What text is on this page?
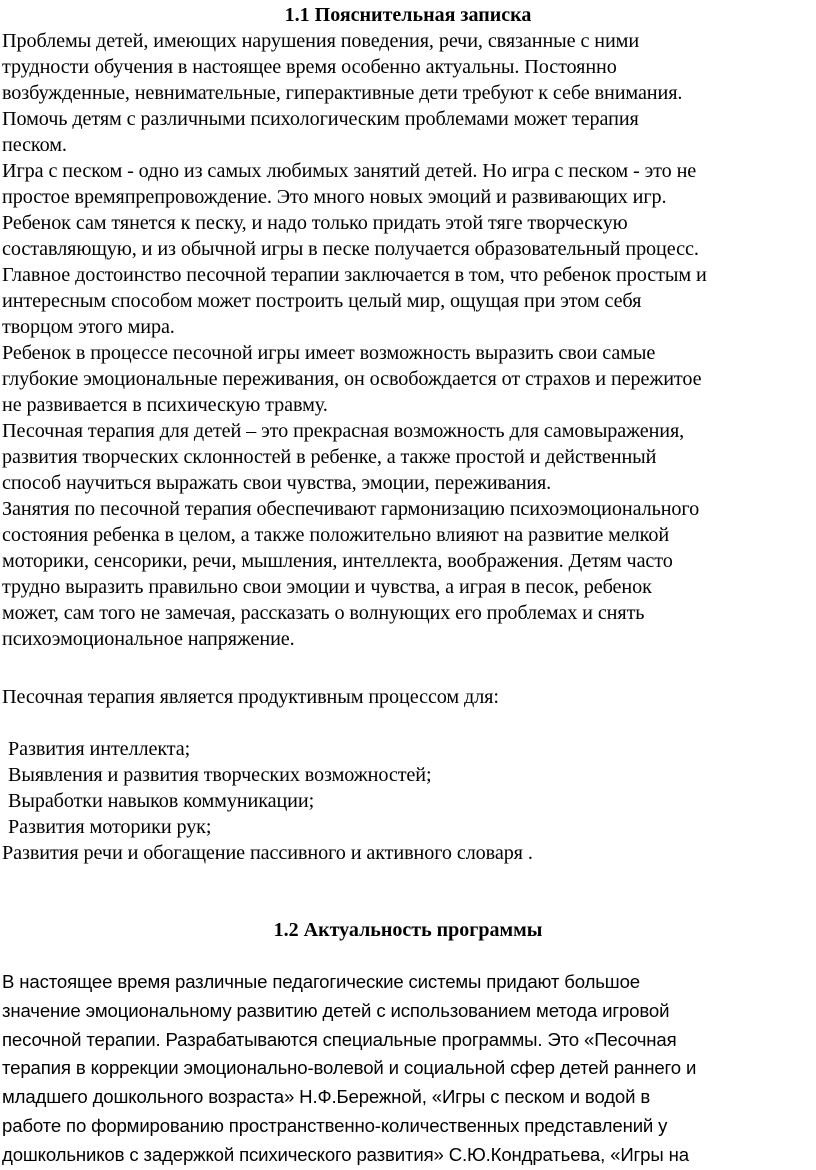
1.1 Пояснительная записка

Проблемы детей, имеющих нарушения поведения, речи, связанные с ними

трудности обучения в настоящее время особенно актуальны. Постоянно

возбужденные, невнимательные, гиперактивные дети требуют к себе внимания.

Помочь детям с различными психологическим проблемами может терапия

песком.

Игра с песком - одно из самых любимых занятий детей. Но игра с песком - это не

простое времяпрепровождение. Это много новых эмоций и развивающих игр.

Ребенок сам тянется к песку, и надо только придать этой тяге творческую

составляющую, и из обычной игры в песке получается образовательный процесс.

Главное достоинство песочной терапии заключается в том, что ребенок простым и

интересным способом может построить целый мир, ощущая при этом себя

творцом этого мира.

Ребенок в процессе песочной игры имеет возможность выразить свои самые

глубокие эмоциональные переживания, он освобождается от страхов и пережитое

не развивается в психическую травму.

Песочная терапия для детей – это прекрасная возможность для самовыражения,

развития творческих склонностей в ребенке, а также простой и действенный

способ научиться выражать свои чувства, эмоции, переживания.

Занятия по песочной терапия обеспечивают гармонизацию психоэмоционального

состояния ребенка в целом, а также положительно влияют на развитие мелкой

моторики, сенсорики, речи, мышления, интеллекта, воображения. Детям часто

трудно выразить правильно свои эмоции и чувства, а играя в песок, ребенок

может, сам того не замечая, рассказать о волнующих его проблемах и снять

психоэмоциональное напряжение.

Песочная терапия является продуктивным процессом для:

Развития интеллекта;
Выявления и развития творческих возможностей;
Выработки навыков коммуникации;
Развития моторики рук;
Развития речи и обогащение пассивного и активного словаря .
1.2 Актуальность программы
В настоящее время различные педагогические системы придают большое
значение эмоциональному развитию детей с использованием метода игровой
песочной терапии. Разрабатываются специальные программы. Это «Песочная
терапия в коррекции эмоционально-волевой и социальной сфер детей раннего и
младшего дошкольного возраста» Н.Ф.Бережной, «Игры с песком и водой в
работе по формированию пространственно-количественных представлений у
дошкольников с задержкой психического развития» С.Ю.Кондратьева, «Игры на
